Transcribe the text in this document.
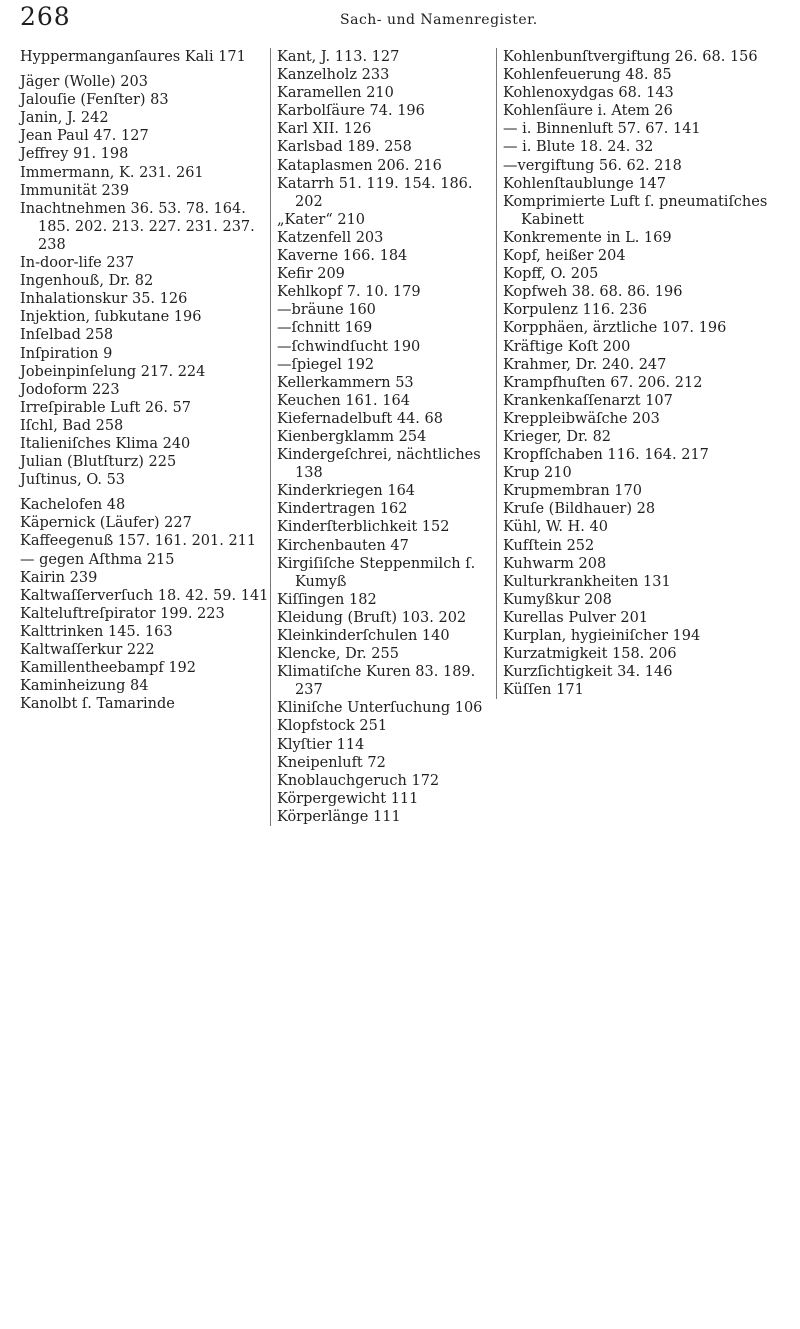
268	Sach- und Namenregister.
Hyppermanganſaures Kali 171
Jäger (Wolle) 203
Jalouſie (Fenſter) 83
Janin, J. 242
Jean Paul 47. 127
Jeffrey 91. 198
Immermann, K. 231. 261
Immunität 239
Inachtnehmen 36. 53. 78. 164. 185. 202. 213. 227. 231. 237. 238
In-door-life 237
Ingenhouß, Dr. 82
Inhalationskur 35. 126
Injektion, ſubkutane 196
Inſelbad 258
Inſpiration 9
Jobeinpinſelung 217. 224
Jodoform 223
Irreſpirable Luft 26. 57
Iſchl, Bad 258
Italieniſches Klima 240
Julian (Blutſturz) 225
Juſtinus, O. 53
Kachelofen 48
Käpernick (Läufer) 227
Kaffeegenuß 157. 161. 201. 211
— gegen Aſthma 215
Kairin 239
Kaltwaſſerverſuch 18. 42. 59. 141
Kalteluftreſpirator 199. 223
Kalttrinken 145. 163
Kaltwaſſerkur 222
Kamillentheebampf 192
Kaminheizung 84
Kanolbt ſ. Tamarinde
Kant, J. 113. 127
Kanzelholz 233
Karamellen 210
Karbolſäure 74. 196
Karl XII. 126
Karlsbad 189. 258
Kataplasmen 206. 216
Katarrh 51. 119. 154. 186. 202
„Kater“ 210
Katzenfell 203
Kaverne 166. 184
Kefir 209
Kehlkopf 7. 10. 179
—bräune 160
—ſchnitt 169
—ſchwindſucht 190
—ſpiegel 192
Kellerkammern 53
Keuchen 161. 164
Kiefernadelbuft 44. 68
Kienbergklamm 254
Kindergeſchrei, nächtliches 138
Kinderkriegen 164
Kindertragen 162
Kinderſterblichkeit 152
Kirchenbauten 47
Kirgiſiſche Steppenmilch ſ. Kumyß
Kiſſingen 182
Kleidung (Bruſt) 103. 202
Kleinkinderſchulen 140
Klencke, Dr. 255
Klimatiſche Kuren 83. 189. 237
Kliniſche Unterſuchung 106
Klopfstock 251
Klyſtier 114
Kneipenluft 72
Knoblauchgeruch 172
Körpergewicht 111
Körperlänge 111
Kohlenbunſtvergiftung 26. 68. 156
Kohlenfeuerung 48. 85
Kohlenoxydgas 68. 143
Kohlenſäure i. Atem 26
— i. Binnenluft 57. 67. 141
— i. Blute 18. 24. 32
—vergiftung 56. 62. 218
Kohlenſtaublunge 147
Komprimierte Luft ſ. pneumatiſches Kabinett
Konkremente in L. 169
Kopf, heißer 204
Kopff, O. 205
Kopfweh 38. 68. 86. 196
Korpulenz 116. 236
Korpphäen, ärztliche 107. 196
Kräftige Koſt 200
Krahmer, Dr. 240. 247
Krampfhuſten 67. 206. 212
Krankenkaſſenarzt 107
Kreppleibwäſche 203
Krieger, Dr. 82
Kropfſchaben 116. 164. 217
Krup 210
Krupmembran 170
Kruſe (Bildhauer) 28
Kühl, W. H. 40
Kufſtein 252
Kuhwarm 208
Kulturkrankheiten 131
Kumyßkur 208
Kurellas Pulver 201
Kurplan, hygieiniſcher 194
Kurzatmigkeit 158. 206
Kurzſichtigkeit 34. 146
Küſſen 171
